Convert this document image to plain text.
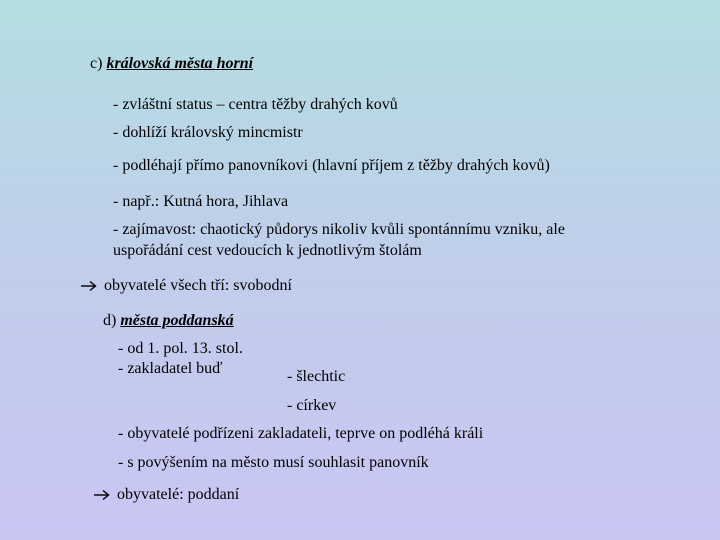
c) královská města horní
- zvláštní status – centra těžby drahých kovů
- dohlíží královský mincmistr
- podléhají přímo panovníkovi (hlavní příjem z těžby drahých kovů)
- např.: Kutná hora, Jihlava
- zajímavost: chaotický půdorys nikoliv kvůli spontánnímu vzniku, ale
uspořádání cest vedoucích k jednotlivým štolám
obyvatelé všech tří: svobodní
d) města poddanská
- od 1. pol. 13. stol.
- zakladatel buď	- šlechtic
- církev
- obyvatelé podřízeni zakladateli, teprve on podléhá králi
- s povýšením na město musí souhlasit panovník
obyvatelé: poddaní
